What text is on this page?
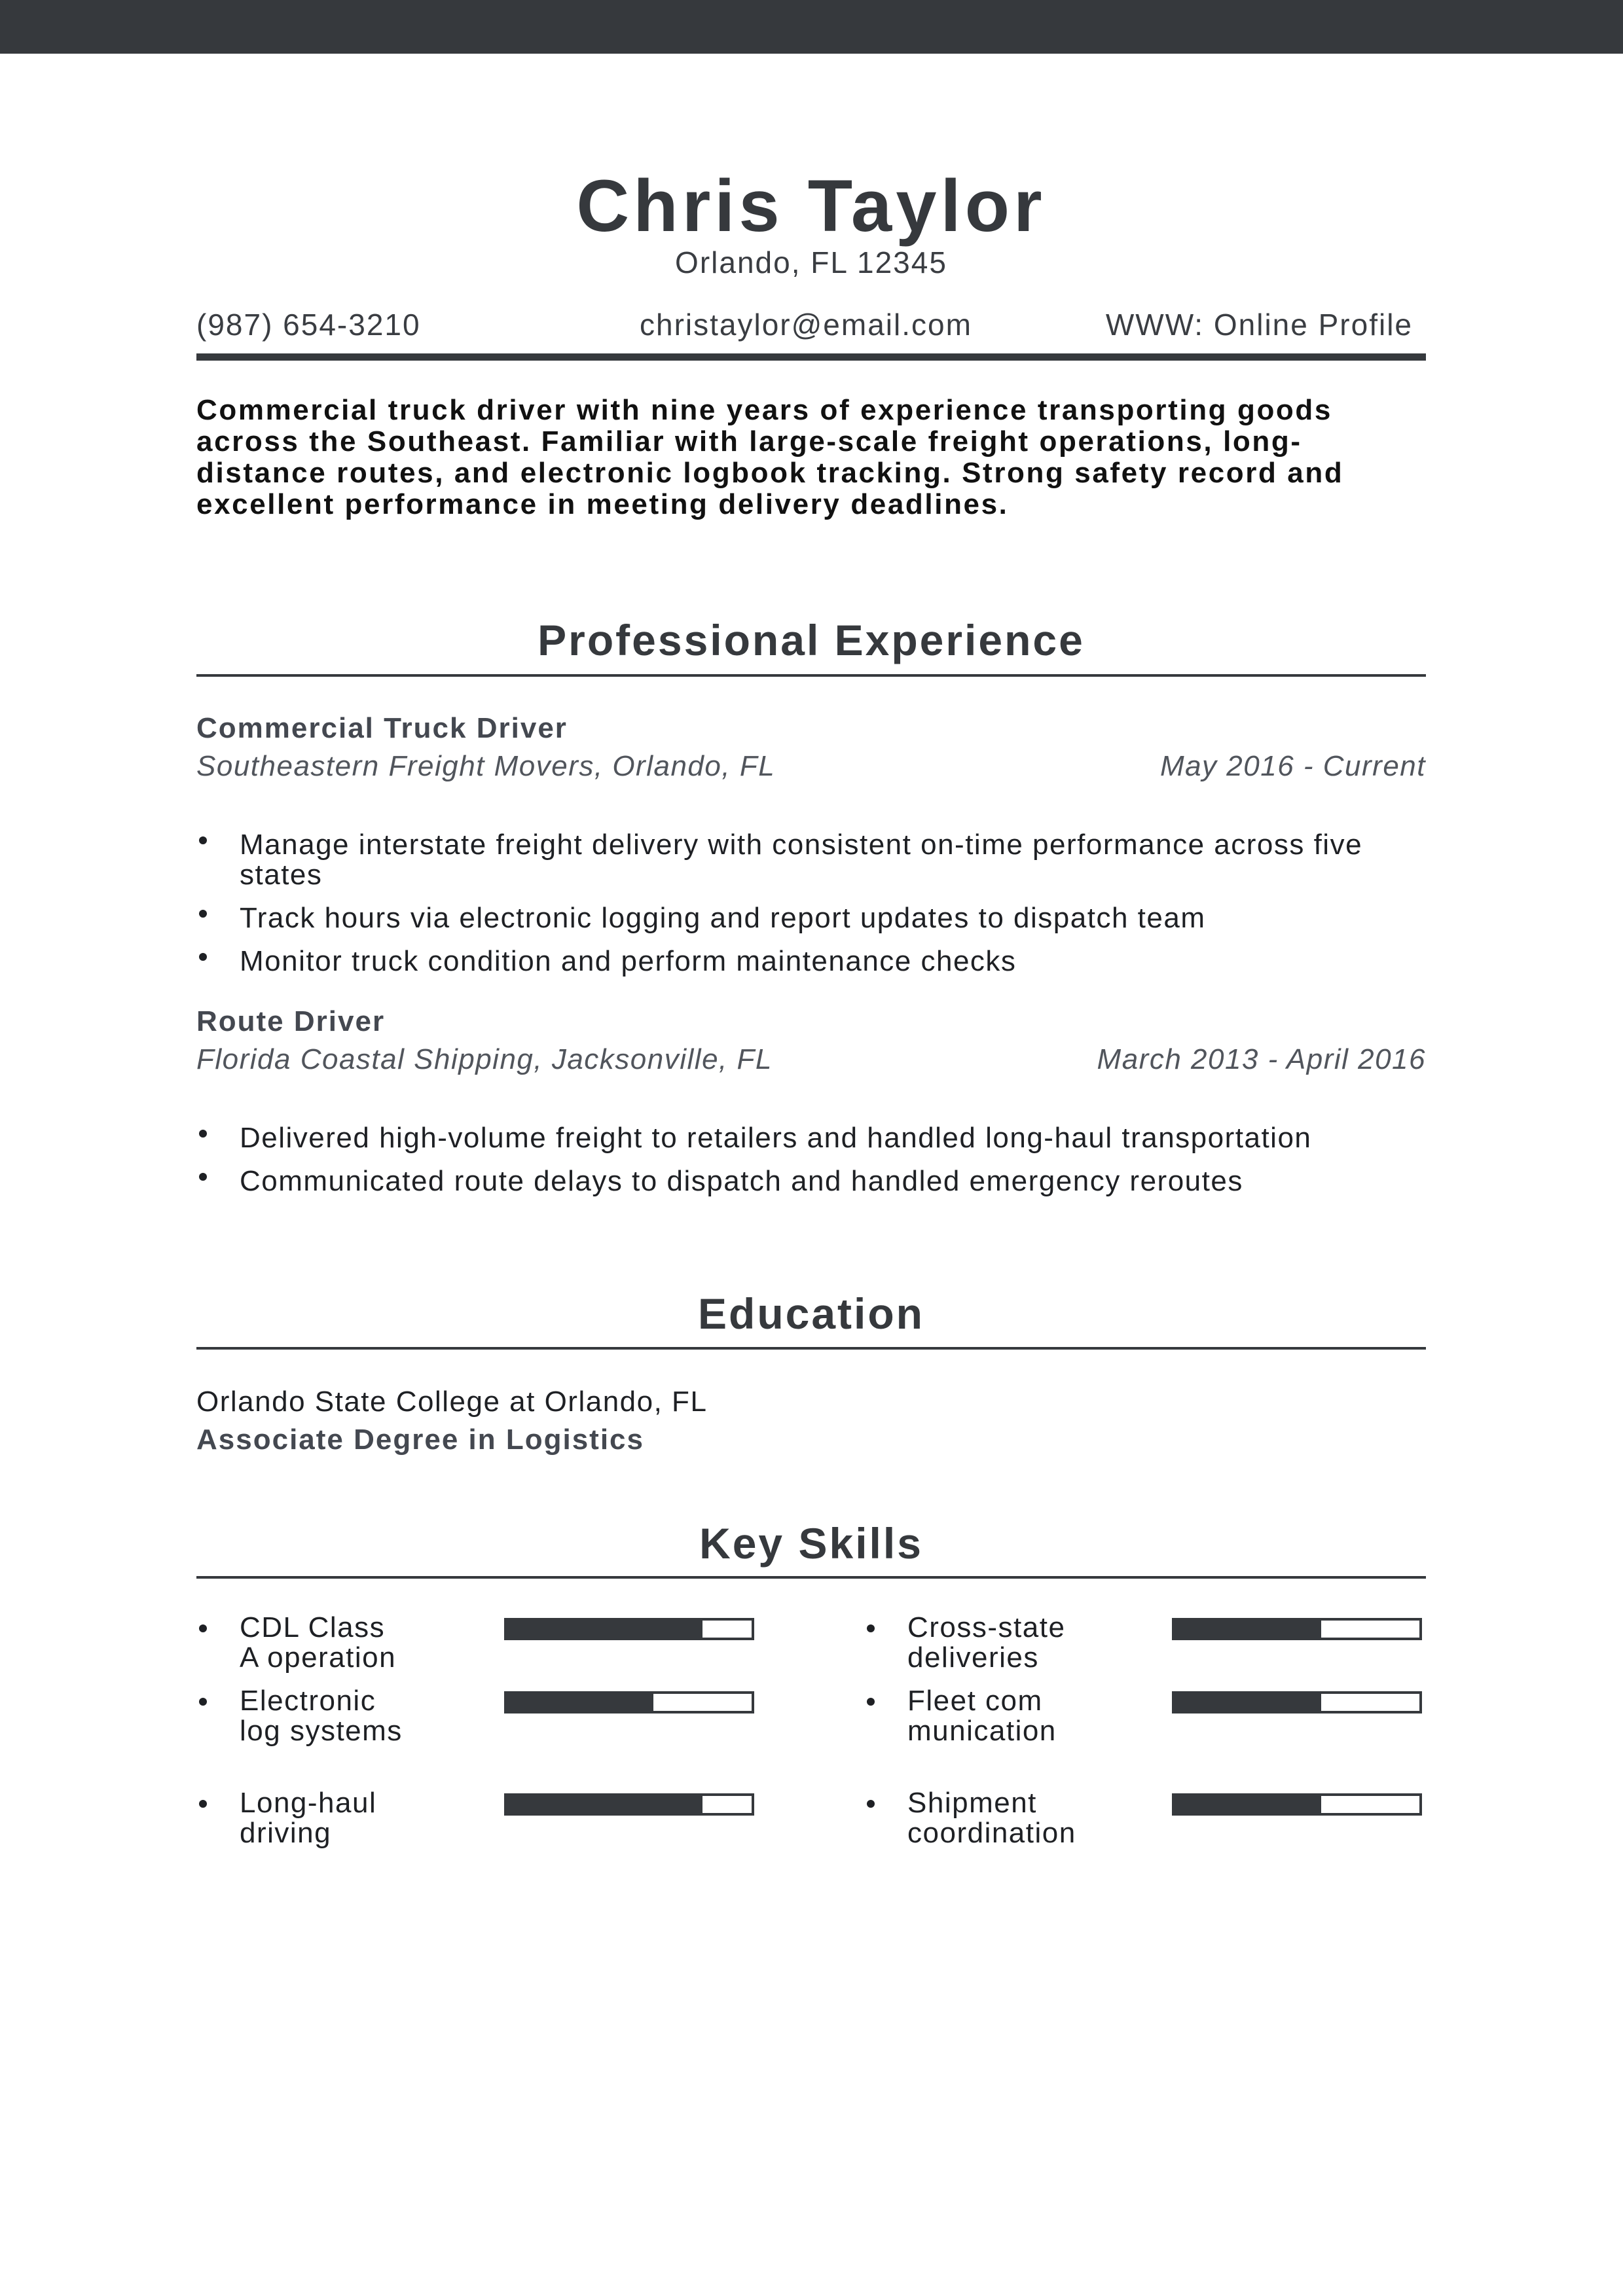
Chris Taylor
Orlando, FL 12345
(987) 654-3210	christaylor@email.com	WWW: Online Profile
Commercial truck driver with nine years of experience transporting goods across the Southeast. Familiar with large-scale freight operations, long-distance routes, and electronic logbook tracking. Strong safety record and excellent performance in meeting delivery deadlines.
Professional Experience
Commercial Truck Driver
Southeastern Freight Movers, Orlando, FL	May 2016 - Current
Manage interstate freight delivery with consistent on-time performance across five states
Track hours via electronic logging and report updates to dispatch team
Monitor truck condition and perform maintenance checks
Route Driver
Florida Coastal Shipping, Jacksonville, FL	March 2013 - April 2016
Delivered high-volume freight to retailers and handled long-haul transportation
Communicated route delays to dispatch and handled emergency reroutes
Education
Orlando State College at Orlando, FL
Associate Degree in Logistics
Key Skills
CDL Class A operation
Cross-state deliveries
Electronic log systems
Fleet communication
Long-haul driving
Shipment coordination
